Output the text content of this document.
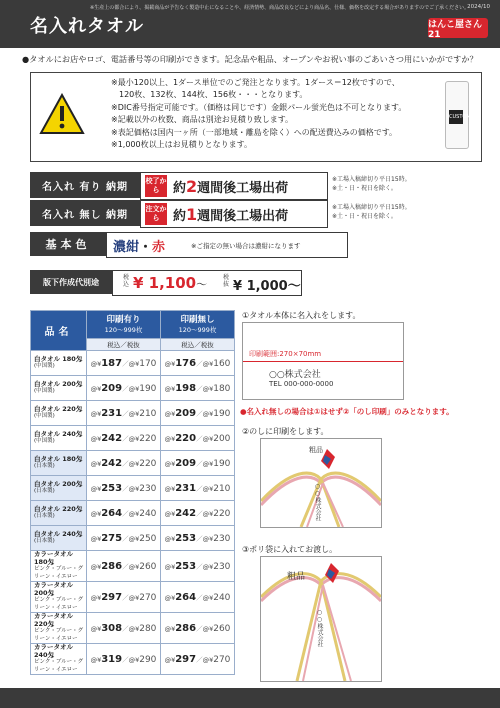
名入れタオル	はんこ屋さん21
●タオルにお店やロゴ、電話番号等の印刷ができます。記念品や粗品、オープンやお祝い事のごあいさつ用にいかがですか？
※最小120以上、1ダース単位でのご発注となります。1ダース＝12枚ですので、
　120枚、132枚、144枚、156枚・・・となります。
※DIC番号指定可能です。（価格は同じです）金銀パール蛍光色は不可となります。
※記載以外の枚数、商品は別途お見積り致します。
※表記価格は国内一ヶ所（一部地域・離島を除く）への配送費込みの価格です。
※1,000枚以上はお見積りとなります。
CUSTOM
名入れ 有り 納期
校了から	約2週間後工場出荷
※工場入稿締切り平日15時。
※土・日・祝日を除く。
名入れ 無し 納期
注文から	約1週間後工場出荷
※工場入稿締切り平日15時。
※土・日・祝日を除く。
基本色	濃紺・赤	※ご指定の無い場合は濃紺になります
版下作成代別途	税込 ¥ 1,100〜
税抜 ¥ 1,000〜
品名	印刷有り
120〜999枚	印刷無し
120〜999枚
	税込／税抜	税込／税抜
白タオル 180匁
(中国製)	@¥187／@¥170	@¥176／@¥160
白タオル 200匁
(中国製)	@¥209／@¥190	@¥198／@¥180
白タオル 220匁
(中国製)	@¥231／@¥210	@¥209／@¥190
白タオル 240匁
(中国製)	@¥242／@¥220	@¥220／@¥200
白タオル 180匁
(日本製)	@¥242／@¥220	@¥209／@¥190
白タオル 200匁
(日本製)	@¥253／@¥230	@¥231／@¥210
白タオル 220匁
(日本製)	@¥264／@¥240	@¥242／@¥220
白タオル 240匁
(日本製)	@¥275／@¥250	@¥253／@¥230
カラータオル 180匁
ピンク・ブルー・グリーン・イエロー	@¥286／@¥260	@¥253／@¥230
カラータオル 200匁
ピンク・ブルー・グリーン・イエロー	@¥297／@¥270	@¥264／@¥240
カラータオル 220匁
ピンク・ブルー・グリーン・イエロー	@¥308／@¥280	@¥286／@¥260
カラータオル 240匁
ピンク・ブルー・グリーン・イエロー	@¥319／@¥290	@¥297／@¥270
①タオル本体に名入れをします。
印刷範囲:270×70mm
○○株式会社
TEL 000-000-0000
●名入れ無しの場合は①はせず②「のし印刷」のみとなります。
②のしに印刷をします。
粗品
○○株式会社
③ポリ袋に入れてお渡し。
粗品
○○株式会社
※生産上の都合により、掲載商品が予告なく製造中止になることや、経済情勢、商品改良などにより商品名、仕様、価格を改定する場合がありますのでご了承ください。
2024/10
